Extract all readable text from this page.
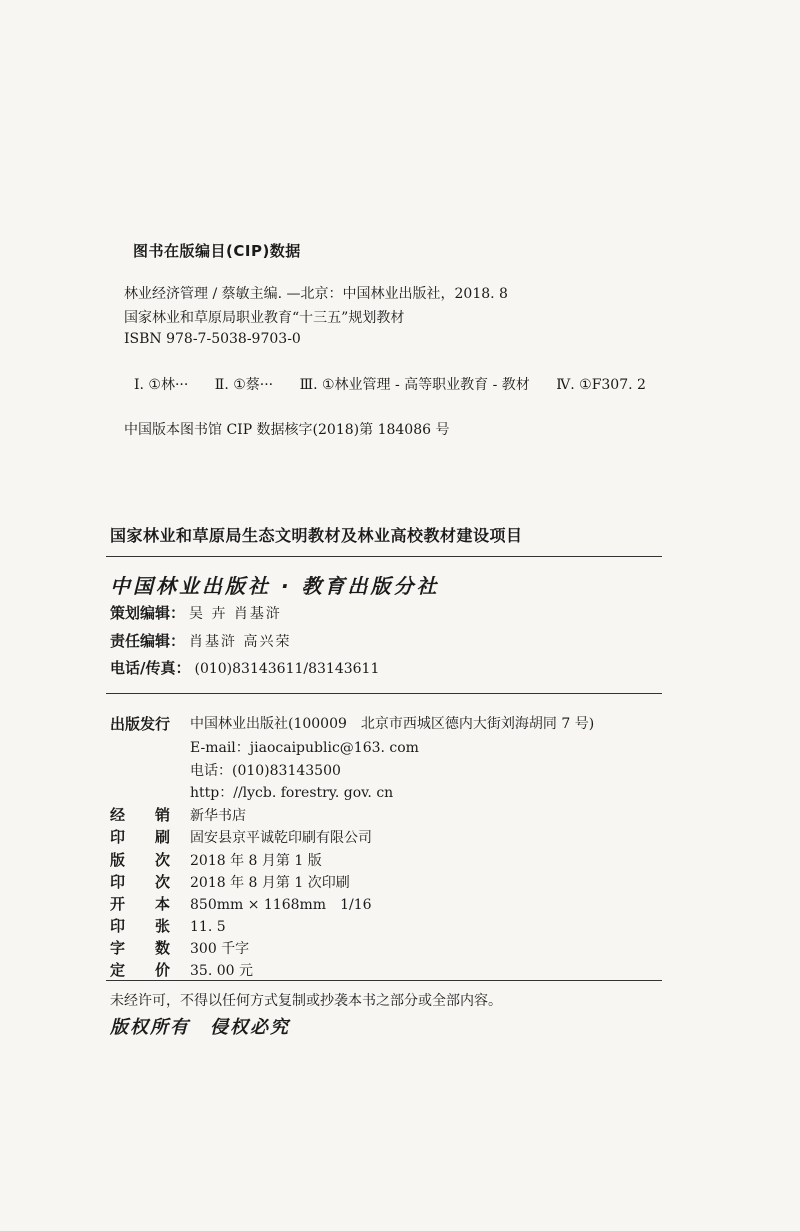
图书在版编目(CIP)数据
林业经济管理 / 蔡敏主编. —北京：中国林业出版社，2018. 8
国家林业和草原局职业教育“十三五”规划教材
ISBN 978-7-5038-9703-0
Ⅰ. ①林··· Ⅱ. ①蔡··· Ⅲ. ①林业管理 - 高等职业教育 - 教材 Ⅳ. ①F307. 2
中国版本图书馆 CIP 数据核字(2018)第 184086 号
国家林业和草原局生态文明教材及林业高校教材建设项目
中国林业出版社 · 教育出版分社
策划编辑： 吴 卉 肖基浒
责任编辑： 肖基浒 高兴荣
电话/传真： (010)83143611/83143611
出版发行 中国林业出版社(100009　北京市西城区德内大街刘海胡同 7 号)
E-mail：jiaocaipublic@163. com
电话：(010)83143500
http：//lycb. forestry. gov. cn
经销新华书店
印刷固安县京平诚乾印刷有限公司
版次2018 年 8 月第 1 版
印次2018 年 8 月第 1 次印刷
开本850mm × 1168mm　1/16
印张11. 5
字数300 千字
定价35. 00 元
未经许可，不得以任何方式复制或抄袭本书之部分或全部内容。
版权所有　侵权必究
